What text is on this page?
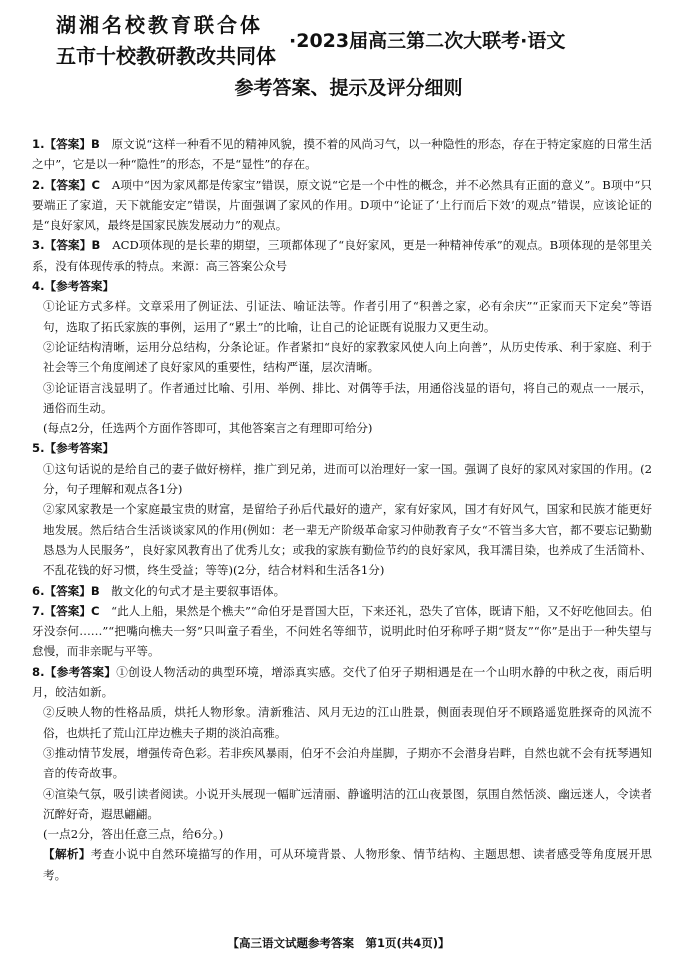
湖湘名校教育联合体
五市十校教研教改共同体
·2023届高三第二次大联考·语文
参考答案、提示及评分细则

1.【答案】B　 原文说“这样一种看不见的精神风貌，摸不着的风尚习气，以一种隐性的形态，存在于特定家庭的日常生活之中”，它是以一种“隐性”的形态，不是“显性”的存在。

2.【答案】C　 A项中“因为家风都是传家宝”错误，原文说“它是一个中性的概念，并不必然具有正面的意义”。B项中“只要端正了家道，天下就能安定”错误，片面强调了家风的作用。D项中“论证了‘上行而后下效’的观点”错误，应该论证的是“良好家风，最终是国家民族发展动力”的观点。

3.【答案】B　 ACD项体现的是长辈的期望，三项都体现了“良好家风，更是一种精神传承”的观点。B项体现的是邻里关系，没有体现传承的特点。来源：高三答案公众号

4.【参考答案】

①论证方式多样。文章采用了例证法、引证法、喻证法等。作者引用了“积善之家，必有余庆”“正家而天下定矣”等语句，选取了拓氏家族的事例，运用了“累土”的比喻，让自己的论证既有说服力又更生动。

②论证结构清晰，运用分总结构，分条论证。作者紧扣“良好的家教家风使人向上向善”，从历史传承、利于家庭、利于社会等三个角度阐述了良好家风的重要性，结构严谨，层次清晰。

③论证语言浅显明了。作者通过比喻、引用、举例、排比、对偶等手法，用通俗浅显的语句，将自己的观点一一展示，通俗而生动。

(每点2分，任选两个方面作答即可，其他答案言之有理即可给分)

5.【参考答案】

①这句话说的是给自己的妻子做好榜样，推广到兄弟，进而可以治理好一家一国。强调了良好的家风对家国的作用。(2分，句子理解和观点各1分)

②家风家教是一个家庭最宝贵的财富，是留给子孙后代最好的遗产，家有好家风，国才有好风气，国家和民族才能更好地发展。然后结合生活谈谈家风的作用(例如：老一辈无产阶级革命家习仲勋教育子女“不管当多大官，都不要忘记勤勤恳恳为人民服务”，良好家风教育出了优秀儿女；或我的家族有勤俭节约的良好家风，我耳濡目染，也养成了生活简朴、不乱花钱的好习惯，终生受益；等等)(2分，结合材料和生活各1分)

6.【答案】B　 散文化的句式才是主要叙事语体。

7.【答案】C　 “此人上船，果然是个樵夫”“命伯牙是晋国大臣，下来还礼，恐失了官体，既请下船，又不好吃他回去。伯牙没奈何……”“把嘴向樵夫一努”只叫童子看坐，不问姓名等细节，说明此时伯牙称呼子期“贤友”“你”是出于一种失望与怠慢，而非亲昵与平等。

8.【参考答案】①创设人物活动的典型环境，增添真实感。交代了伯牙子期相遇是在一个山明水静的中秋之夜，雨后明月，皎洁如新。

②反映人物的性格品质，烘托人物形象。清新雅洁、风月无边的江山胜景，侧面表现伯牙不顾路遥览胜探奇的风流不俗，也烘托了荒山江岸边樵夫子期的淡泊高雅。

③推动情节发展，增强传奇色彩。若非疾风暴雨，伯牙不会泊舟崖脚，子期亦不会潜身岩畔，自然也就不会有抚琴遇知音的传奇故事。

④渲染气氛，吸引读者阅读。小说开头展现一幅旷远清丽、静谧明洁的江山夜景图，氛围自然恬淡、幽远迷人，令读者沉醉好奇，遐思翩翩。

(一点2分，答出任意三点，给6分。)

【解析】考查小说中自然环境描写的作用，可从环境背景、人物形象、情节结构、主题思想、读者感受等角度展开思考。

【高三语文试题参考答案　第1页(共4页)】
